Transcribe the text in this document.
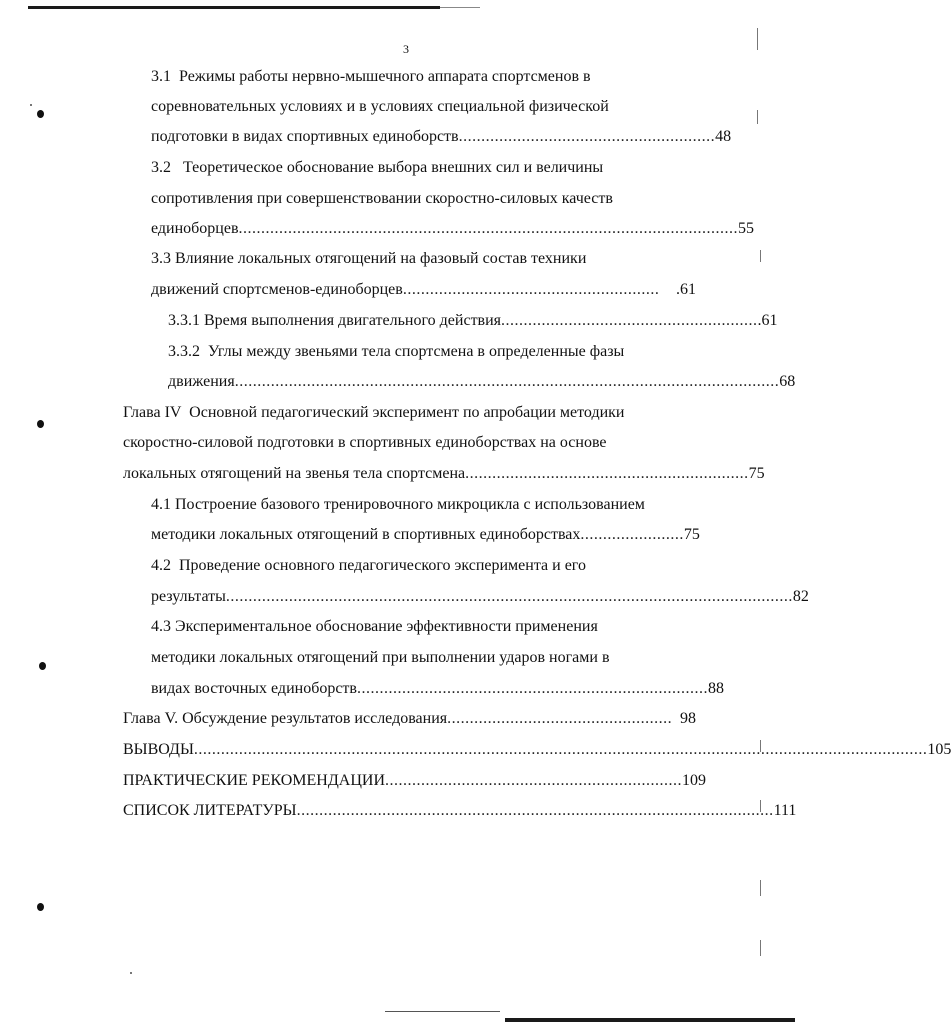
3
3.1  Режимы работы нервно-мышечного аппарата спортсменов в
соревновательных условиях и в условиях специальной физической
подготовки в видах спортивных единоборств ......................................................... 48
3.2   Теоретическое обоснование выбора внешних сил и величины
сопротивления при совершенствовании скоростно-силовых качеств
единоборцев ............................................................................................................... 55
3.3 Влияние локальных отягощений на фазовый состав техники
движений спортсменов-единоборцев .........................................................	.61
3.3.1 Время выполнения двигательного действия ......................................................... .61
3.3.2  Углы между звеньями тела спортсмена в определенные фазы
движения ......................................................................................................................... 68
Глава IV  Основной педагогический эксперимент по апробации методики
скоростно-силовой подготовки в спортивных единоборствах на основе
локальных отягощений на звенья тела спортсмена ............................................................... 75
4.1 Построение базового тренировочного микроцикла с использованием
методики локальных отягощений в спортивных единоборствах ....................... 75
4.2  Проведение основного педагогического эксперимента и его
результаты .............................................................................................................................. 82
4.3 Экспериментальное обоснование эффективности применения
методики локальных отягощений при выполнении ударов ногами в
видах восточных единоборств .............................................................................. 88
Глава V. Обсуждение результатов исследования .................................................. 98
ВЫВОДЫ ................................................................................................................................................................... 105
ПРАКТИЧЕСКИЕ РЕКОМЕНДАЦИИ .................................................................. 109
СПИСОК ЛИТЕРАТУРЫ .......................................................................................................... 111
